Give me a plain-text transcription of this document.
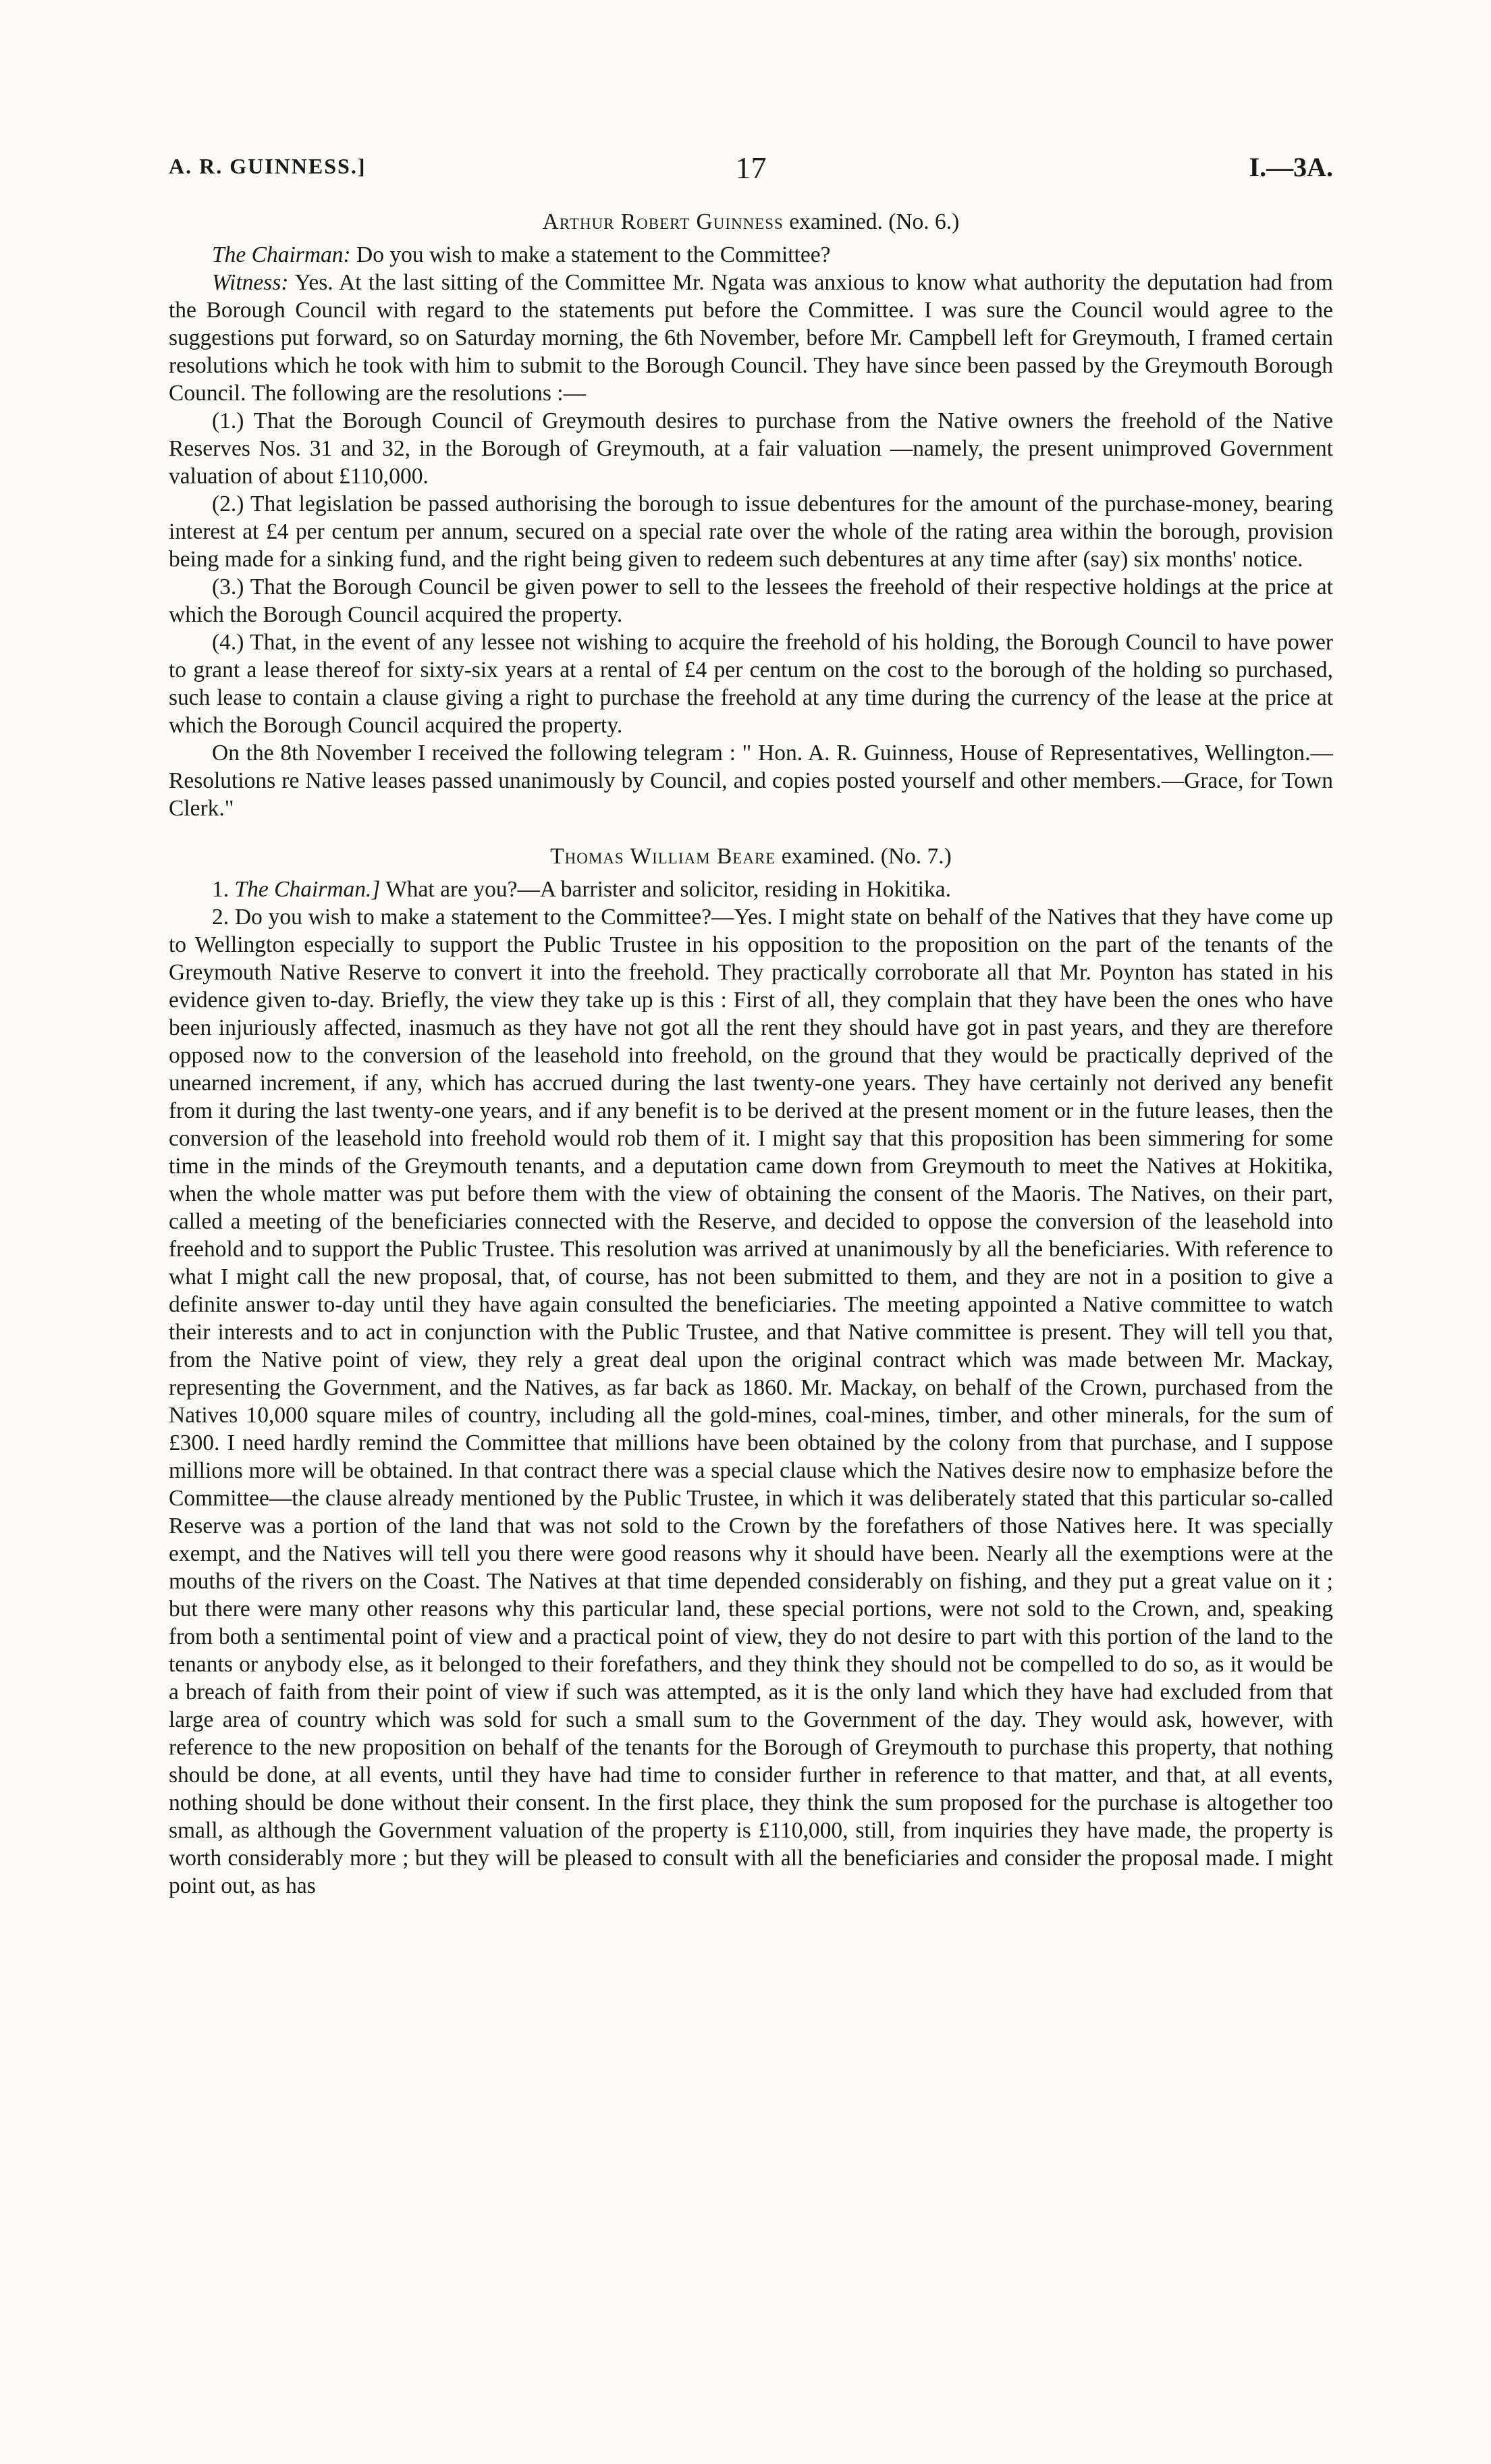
A. R. GUINNESS.]	17	I.—3A.
Arthur Robert Guinness examined. (No. 6.)

The Chairman: Do you wish to make a statement to the Committee?

Witness: Yes. At the last sitting of the Committee Mr. Ngata was anxious to know what authority the deputation had from the Borough Council with regard to the statements put before the Committee. I was sure the Council would agree to the suggestions put forward, so on Saturday morning, the 6th November, before Mr. Campbell left for Greymouth, I framed certain resolutions which he took with him to submit to the Borough Council. They have since been passed by the Greymouth Borough Council. The following are the resolutions :—

(1.) That the Borough Council of Greymouth desires to purchase from the Native owners the freehold of the Native Reserves Nos. 31 and 32, in the Borough of Greymouth, at a fair valuation —namely, the present unimproved Government valuation of about £110,000.

(2.) That legislation be passed authorising the borough to issue debentures for the amount of the purchase-money, bearing interest at £4 per centum per annum, secured on a special rate over the whole of the rating area within the borough, provision being made for a sinking fund, and the right being given to redeem such debentures at any time after (say) six months' notice.

(3.) That the Borough Council be given power to sell to the lessees the freehold of their respective holdings at the price at which the Borough Council acquired the property.

(4.) That, in the event of any lessee not wishing to acquire the freehold of his holding, the Borough Council to have power to grant a lease thereof for sixty-six years at a rental of £4 per centum on the cost to the borough of the holding so purchased, such lease to contain a clause giving a right to purchase the freehold at any time during the currency of the lease at the price at which the Borough Council acquired the property.

On the 8th November I received the following telegram : " Hon. A. R. Guinness, House of Representatives, Wellington.—Resolutions re Native leases passed unanimously by Council, and copies posted yourself and other members.—Grace, for Town Clerk."

Thomas William Beare examined. (No. 7.)

1. The Chairman.] What are you?—A barrister and solicitor, residing in Hokitika.

2. Do you wish to make a statement to the Committee?—Yes. I might state on behalf of the Natives that they have come up to Wellington especially to support the Public Trustee in his opposition to the proposition on the part of the tenants of the Greymouth Native Reserve to convert it into the freehold. They practically corroborate all that Mr. Poynton has stated in his evidence given to-day. Briefly, the view they take up is this : First of all, they complain that they have been the ones who have been injuriously affected, inasmuch as they have not got all the rent they should have got in past years, and they are therefore opposed now to the conversion of the leasehold into freehold, on the ground that they would be practically deprived of the unearned increment, if any, which has accrued during the last twenty-one years. They have certainly not derived any benefit from it during the last twenty-one years, and if any benefit is to be derived at the present moment or in the future leases, then the conversion of the leasehold into freehold would rob them of it. I might say that this proposition has been simmering for some time in the minds of the Greymouth tenants, and a deputation came down from Greymouth to meet the Natives at Hokitika, when the whole matter was put before them with the view of obtaining the consent of the Maoris. The Natives, on their part, called a meeting of the beneficiaries connected with the Reserve, and decided to oppose the conversion of the leasehold into freehold and to support the Public Trustee. This resolution was arrived at unanimously by all the beneficiaries. With reference to what I might call the new proposal, that, of course, has not been submitted to them, and they are not in a position to give a definite answer to-day until they have again consulted the beneficiaries. The meeting appointed a Native committee to watch their interests and to act in conjunction with the Public Trustee, and that Native committee is present. They will tell you that, from the Native point of view, they rely a great deal upon the original contract which was made between Mr. Mackay, representing the Government, and the Natives, as far back as 1860. Mr. Mackay, on behalf of the Crown, purchased from the Natives 10,000 square miles of country, including all the gold-mines, coal-mines, timber, and other minerals, for the sum of £300. I need hardly remind the Committee that millions have been obtained by the colony from that purchase, and I suppose millions more will be obtained. In that contract there was a special clause which the Natives desire now to emphasize before the Committee—the clause already mentioned by the Public Trustee, in which it was deliberately stated that this particular so-called Reserve was a portion of the land that was not sold to the Crown by the forefathers of those Natives here. It was specially exempt, and the Natives will tell you there were good reasons why it should have been. Nearly all the exemptions were at the mouths of the rivers on the Coast. The Natives at that time depended considerably on fishing, and they put a great value on it ; but there were many other reasons why this particular land, these special portions, were not sold to the Crown, and, speaking from both a sentimental point of view and a practical point of view, they do not desire to part with this portion of the land to the tenants or anybody else, as it belonged to their forefathers, and they think they should not be compelled to do so, as it would be a breach of faith from their point of view if such was attempted, as it is the only land which they have had excluded from that large area of country which was sold for such a small sum to the Government of the day. They would ask, however, with reference to the new proposition on behalf of the tenants for the Borough of Greymouth to purchase this property, that nothing should be done, at all events, until they have had time to consider further in reference to that matter, and that, at all events, nothing should be done without their consent. In the first place, they think the sum proposed for the purchase is altogether too small, as although the Government valuation of the property is £110,000, still, from inquiries they have made, the property is worth considerably more ; but they will be pleased to consult with all the beneficiaries and consider the proposal made. I might point out, as has
